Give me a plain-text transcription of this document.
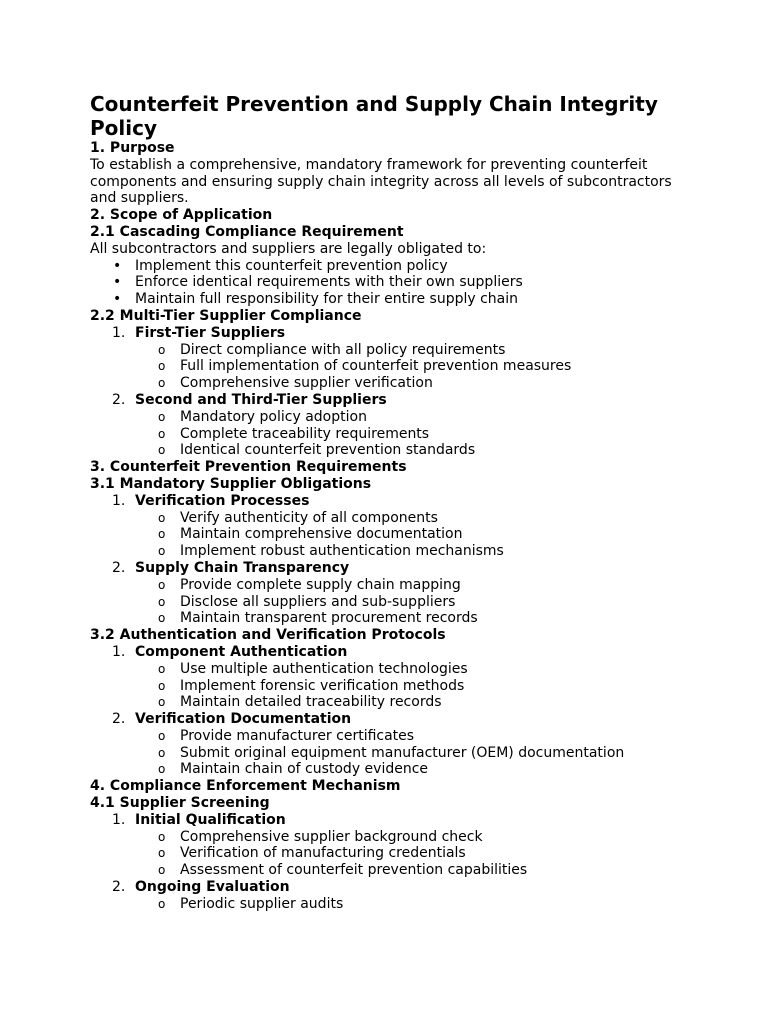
Counterfeit Prevention and Supply Chain Integrity Policy
1. Purpose

To establish a comprehensive, mandatory framework for preventing counterfeit components and ensuring supply chain integrity across all levels of subcontractors and suppliers.

2. Scope of Application
2.1 Cascading Compliance Requirement

All subcontractors and suppliers are legally obligated to:

• Implement this counterfeit prevention policy
• Enforce identical requirements with their own suppliers
• Maintain full responsibility for their entire supply chain
2.2 Multi-Tier Supplier Compliance
1. First-Tier Suppliers
o Direct compliance with all policy requirements
o Full implementation of counterfeit prevention measures
o Comprehensive supplier verification
2. Second and Third-Tier Suppliers
o Mandatory policy adoption
o Complete traceability requirements
o Identical counterfeit prevention standards
3. Counterfeit Prevention Requirements
3.1 Mandatory Supplier Obligations
1. Verification Processes
o Verify authenticity of all components
o Maintain comprehensive documentation
o Implement robust authentication mechanisms
2. Supply Chain Transparency
o Provide complete supply chain mapping
o Disclose all suppliers and sub-suppliers
o Maintain transparent procurement records
3.2 Authentication and Verification Protocols
1. Component Authentication
o Use multiple authentication technologies
o Implement forensic verification methods
o Maintain detailed traceability records
2. Verification Documentation
o Provide manufacturer certificates
o Submit original equipment manufacturer (OEM) documentation
o Maintain chain of custody evidence
4. Compliance Enforcement Mechanism
4.1 Supplier Screening
1. Initial Qualification
o Comprehensive supplier background check
o Verification of manufacturing credentials
o Assessment of counterfeit prevention capabilities
2. Ongoing Evaluation
o Periodic supplier audits
